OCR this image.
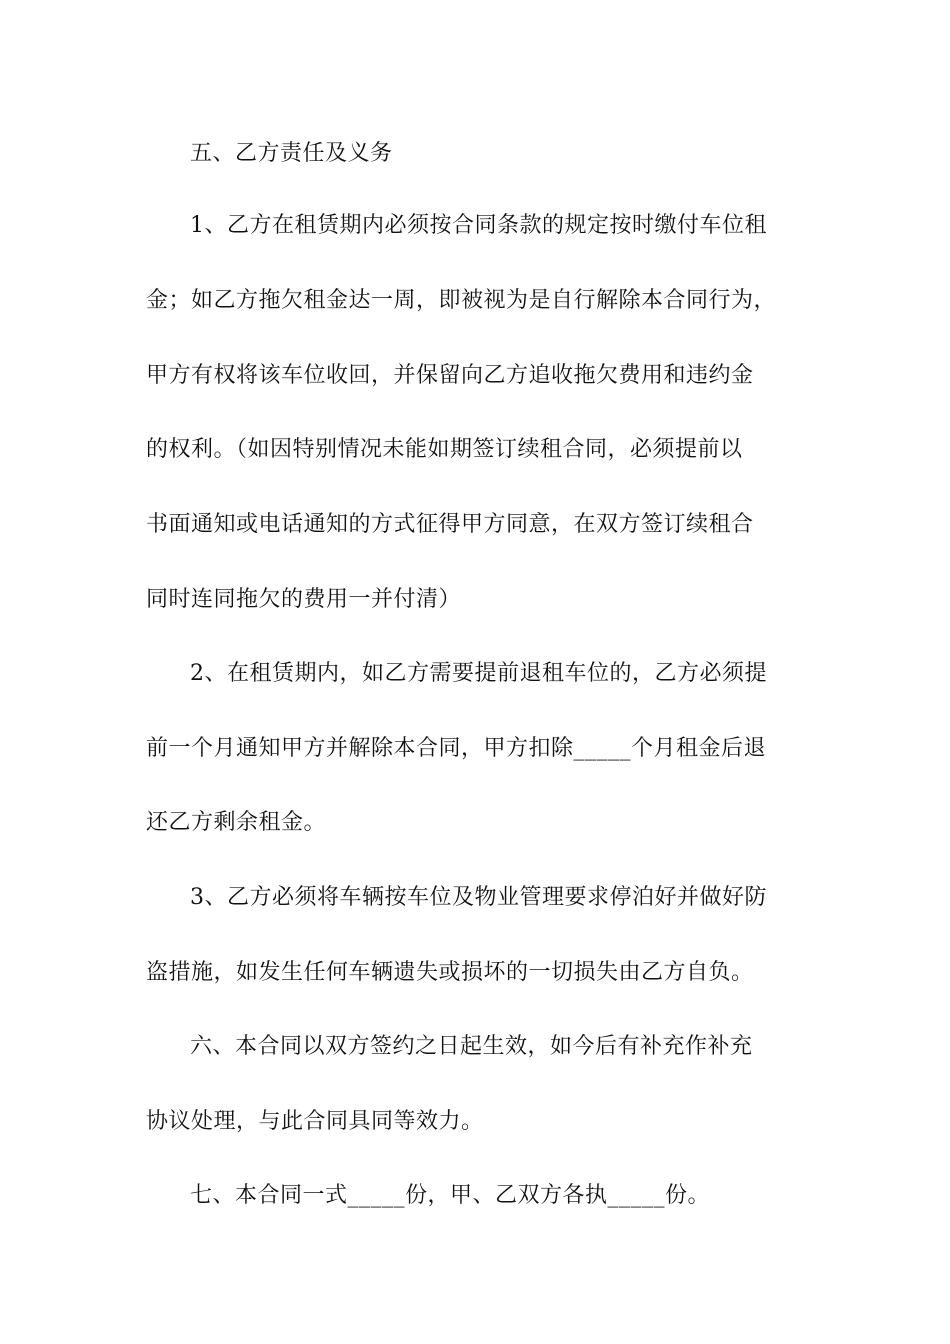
五、乙方责任及义务
1、乙方在租赁期内必须按合同条款的规定按时缴付车位租
金；如乙方拖欠租金达一周，即被视为是自行解除本合同行为，
甲方有权将该车位收回，并保留向乙方追收拖欠费用和违约金
的权利。（如因特别情况未能如期签订续租合同，必须提前以
书面通知或电话通知的方式征得甲方同意，在双方签订续租合
同时连同拖欠的费用一并付清）
2、在租赁期内，如乙方需要提前退租车位的，乙方必须提
前一个月通知甲方并解除本合同，甲方扣除_____个月租金后退
还乙方剩余租金。
3、乙方必须将车辆按车位及物业管理要求停泊好并做好防
盗措施，如发生任何车辆遗失或损坏的一切损失由乙方自负。
六、本合同以双方签约之日起生效，如今后有补充作补充
协议处理，与此合同具同等效力。
七、本合同一式_____份，甲、乙双方各执_____份。
